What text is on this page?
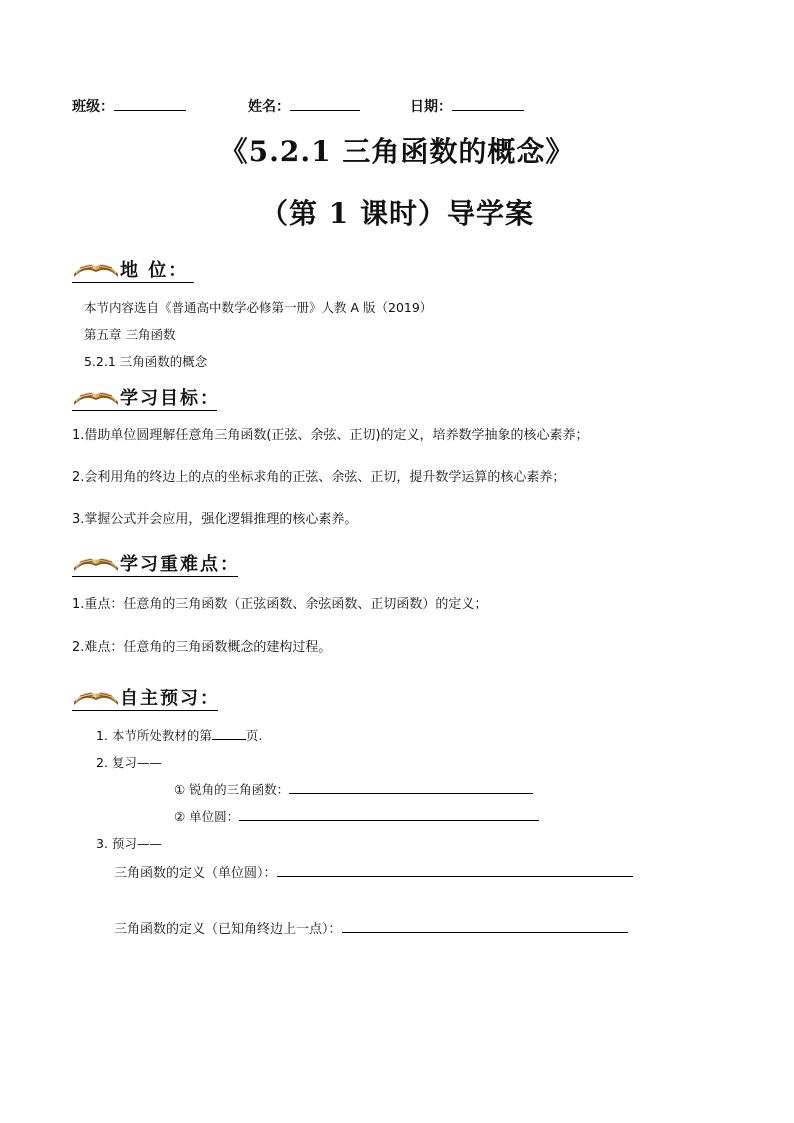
班级：	姓名：	日期：
《5.2.1 三角函数的概念》
（第 1 课时）导学案
地 位：
本节内容选自《普通高中数学必修第一册》人教 A 版（2019）
第五章 三角函数
5.2.1 三角函数的概念
学习目标：
1.借助单位圆理解任意角三角函数(正弦、余弦、正切)的定义，培养数学抽象的核心素养；
2.会利用角的终边上的点的坐标求角的正弦、余弦、正切，提升数学运算的核心素养；
3.掌握公式并会应用，强化逻辑推理的核心素养。
学习重难点：
1.重点：任意角的三角函数（正弦函数、余弦函数、正切函数）的定义；
2.难点：任意角的三角函数概念的建构过程。
自主预习：
1. 本节所处教材的第	页.
2. 复习——
① 锐角的三角函数：
② 单位圆：
3. 预习——
三角函数的定义（单位圆）：
三角函数的定义（已知角终边上一点）：
